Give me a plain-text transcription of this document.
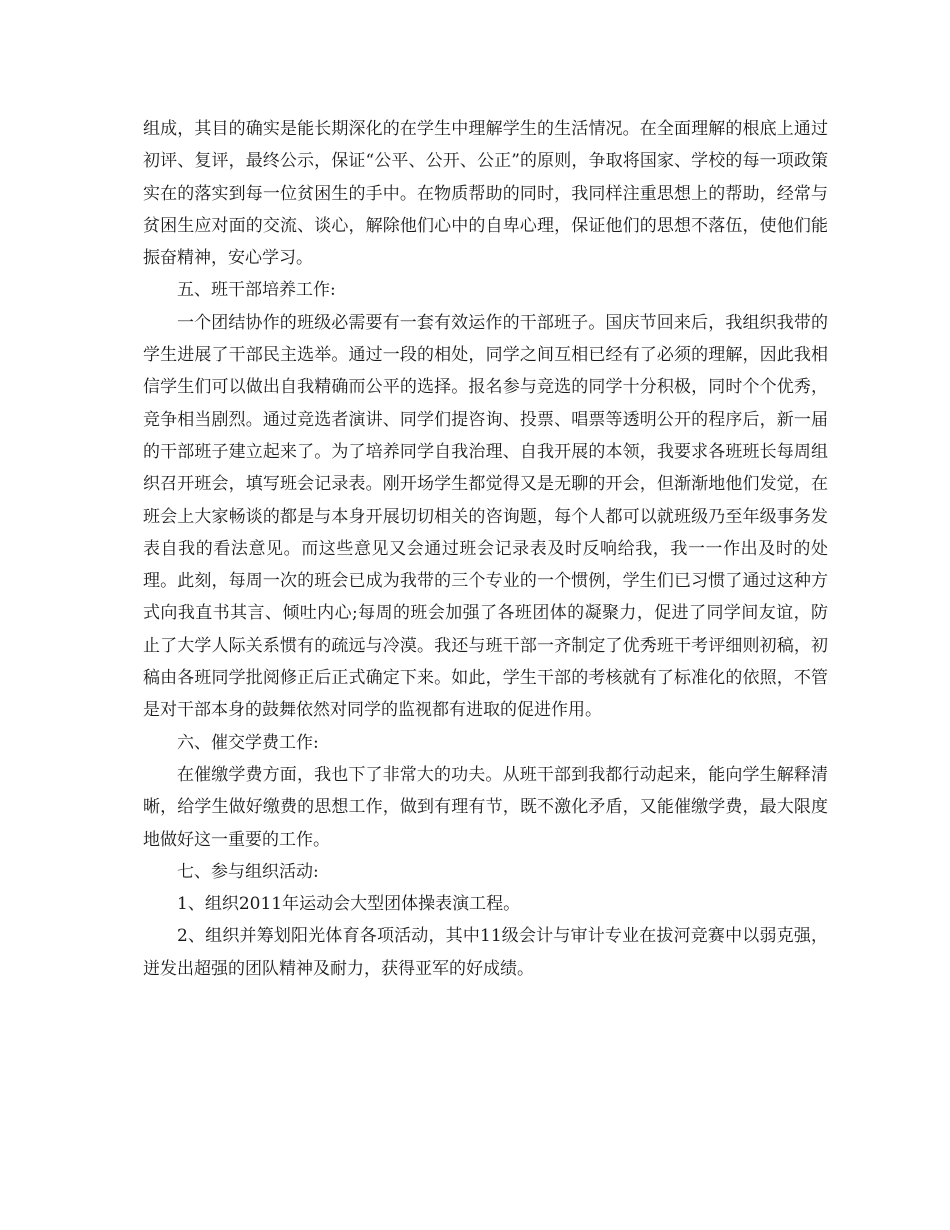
组成，其目的确实是能长期深化的在学生中理解学生的生活情况。在全面理解的根底上通过初评、复评，最终公示，保证“公平、公开、公正”的原则，争取将国家、学校的每一项政策实在的落实到每一位贫困生的手中。在物质帮助的同时，我同样注重思想上的帮助，经常与贫困生应对面的交流、谈心，解除他们心中的自卑心理，保证他们的思想不落伍，使他们能振奋精神，安心学习。

五、班干部培养工作:

一个团结协作的班级必需要有一套有效运作的干部班子。国庆节回来后，我组织我带的学生进展了干部民主选举。通过一段的相处，同学之间互相已经有了必须的理解，因此我相信学生们可以做出自我精确而公平的选择。报名参与竞选的同学十分积极，同时个个优秀，竞争相当剧烈。通过竞选者演讲、同学们提咨询、投票、唱票等透明公开的程序后，新一届的干部班子建立起来了。为了培养同学自我治理、自我开展的本领，我要求各班班长每周组织召开班会，填写班会记录表。刚开场学生都觉得又是无聊的开会，但渐渐地他们发觉，在班会上大家畅谈的都是与本身开展切切相关的咨询题，每个人都可以就班级乃至年级事务发表自我的看法意见。而这些意见又会通过班会记录表及时反响给我，我一一作出及时的处理。此刻，每周一次的班会已成为我带的三个专业的一个惯例，学生们已习惯了通过这种方式向我直书其言、倾吐内心;每周的班会加强了各班团体的凝聚力，促进了同学间友谊，防止了大学人际关系惯有的疏远与冷漠。我还与班干部一齐制定了优秀班干考评细则初稿，初稿由各班同学批阅修正后正式确定下来。如此，学生干部的考核就有了标准化的依照，不管是对干部本身的鼓舞依然对同学的监视都有进取的促进作用。

六、催交学费工作:

在催缴学费方面，我也下了非常大的功夫。从班干部到我都行动起来，能向学生解释清晰，给学生做好缴费的思想工作，做到有理有节，既不激化矛盾，又能催缴学费，最大限度地做好这一重要的工作。

七、参与组织活动:

1、组织2011年运动会大型团体操表演工程。

2、组织并筹划阳光体育各项活动，其中11级会计与审计专业在拔河竞赛中以弱克强，迸发出超强的团队精神及耐力，获得亚军的好成绩。
